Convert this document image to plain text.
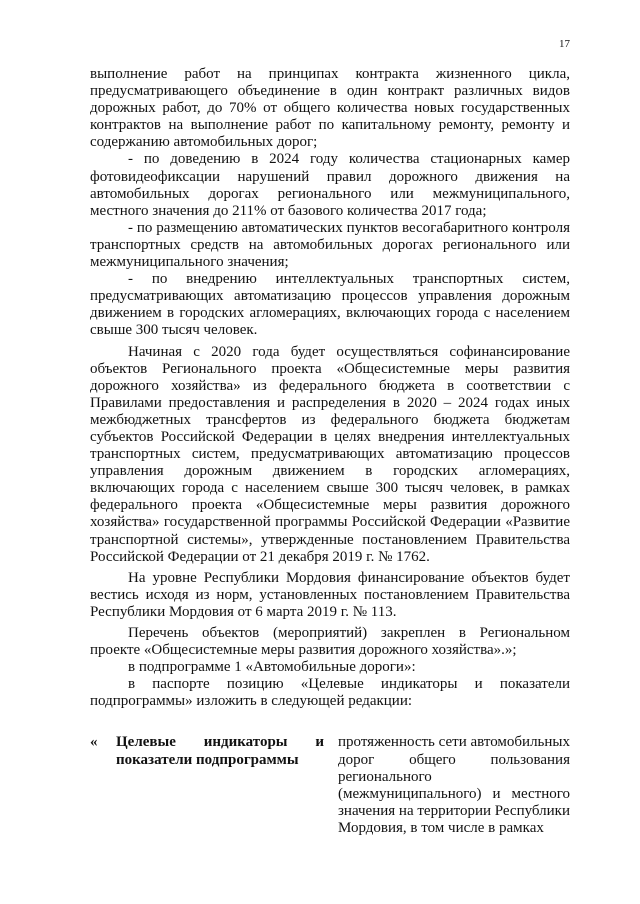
17

выполнение работ на принципах контракта жизненного цикла, предусматривающего объединение в один контракт различных видов дорожных работ, до 70% от общего количества новых государственных контрактов на выполнение работ по капитальному ремонту, ремонту и содержанию автомобильных дорог;

- по доведению в 2024 году количества стационарных камер фотовидеофиксации нарушений правил дорожного движения на автомобильных дорогах регионального или межмуниципального, местного значения до 211% от базового количества 2017 года;

- по размещению автоматических пунктов весогабаритного контроля транспортных средств на автомобильных дорогах регионального или межмуниципального значения;

- по внедрению интеллектуальных транспортных систем, предусматривающих автоматизацию процессов управления дорожным движением в городских агломерациях, включающих города с населением свыше 300 тысяч человек.

Начиная с 2020 года будет осуществляться софинансирование объектов Регионального проекта «Общесистемные меры развития дорожного хозяйства» из федерального бюджета в соответствии с Правилами предоставления и распределения в 2020 – 2024 годах иных межбюджетных трансфертов из федерального бюджета бюджетам субъектов Российской Федерации в целях внедрения интеллектуальных транспортных систем, предусматривающих автоматизацию процессов управления дорожным движением в городских агломерациях, включающих города с населением свыше 300 тысяч человек, в рамках федерального проекта «Общесистемные меры развития дорожного хозяйства» государственной программы Российской Федерации «Развитие транспортной системы», утвержденные постановлением Правительства Российской Федерации от 21 декабря 2019 г. № 1762.

На уровне Республики Мордовия финансирование объектов будет вестись исходя из норм, установленных постановлением Правительства Республики Мордовия от 6 марта 2019 г. № 113.

Перечень объектов (мероприятий) закреплен в Региональном проекте «Общесистемные меры развития дорожного хозяйства».»;

в подпрограмме 1 «Автомобильные дороги»:

в паспорте позицию «Целевые индикаторы и показатели подпрограммы» изложить в следующей редакции:

« Целевые индикаторы и
показатели подпрограммы
протяженность сети автомобильных дорог общего пользования регионального (межмуниципального) и местного значения на территории Республики Мордовия, в том числе в рамках
